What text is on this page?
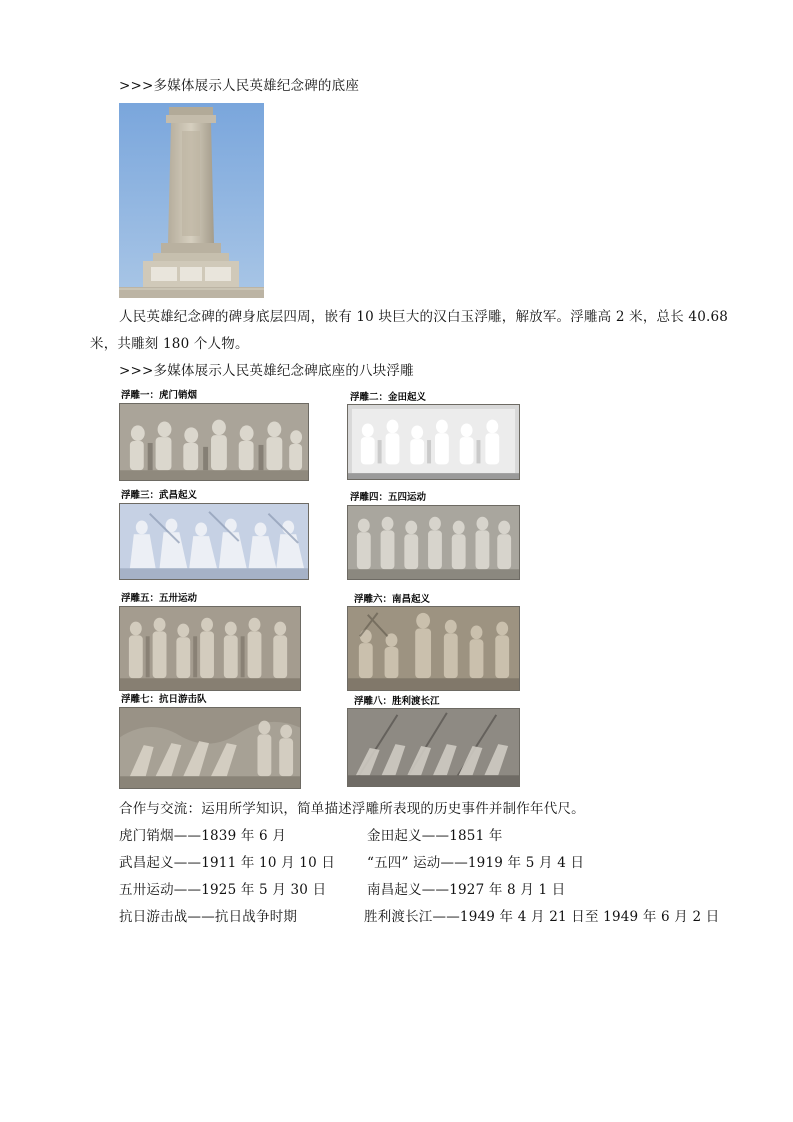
>>>多媒体展示人民英雄纪念碑的底座
人民英雄纪念碑的碑身底层四周，嵌有 10 块巨大的汉白玉浮雕，解放军。浮雕高 2 米，总长 40.68
米，共雕刻 180 个人物。
>>>多媒体展示人民英雄纪念碑底座的八块浮雕
浮雕一：虎门销烟	浮雕二：金田起义
浮雕三：武昌起义	浮雕四：五四运动
浮雕五：五卅运动	浮雕六：南昌起义
浮雕七：抗日游击队	浮雕八：胜利渡长江
合作与交流：运用所学知识，简单描述浮雕所表现的历史事件并制作年代尺。
虎门销烟——1839 年 6 月	金田起义——1851 年
武昌起义——1911 年 10 月 10 日 “五四” 运动——1919 年 5 月 4 日
五卅运动——1925 年 5 月 30 日	南昌起义——1927 年 8 月 1 日
抗日游击战——抗日战争时期	胜利渡长江——1949 年 4 月 21 日至 1949 年 6 月 2 日
